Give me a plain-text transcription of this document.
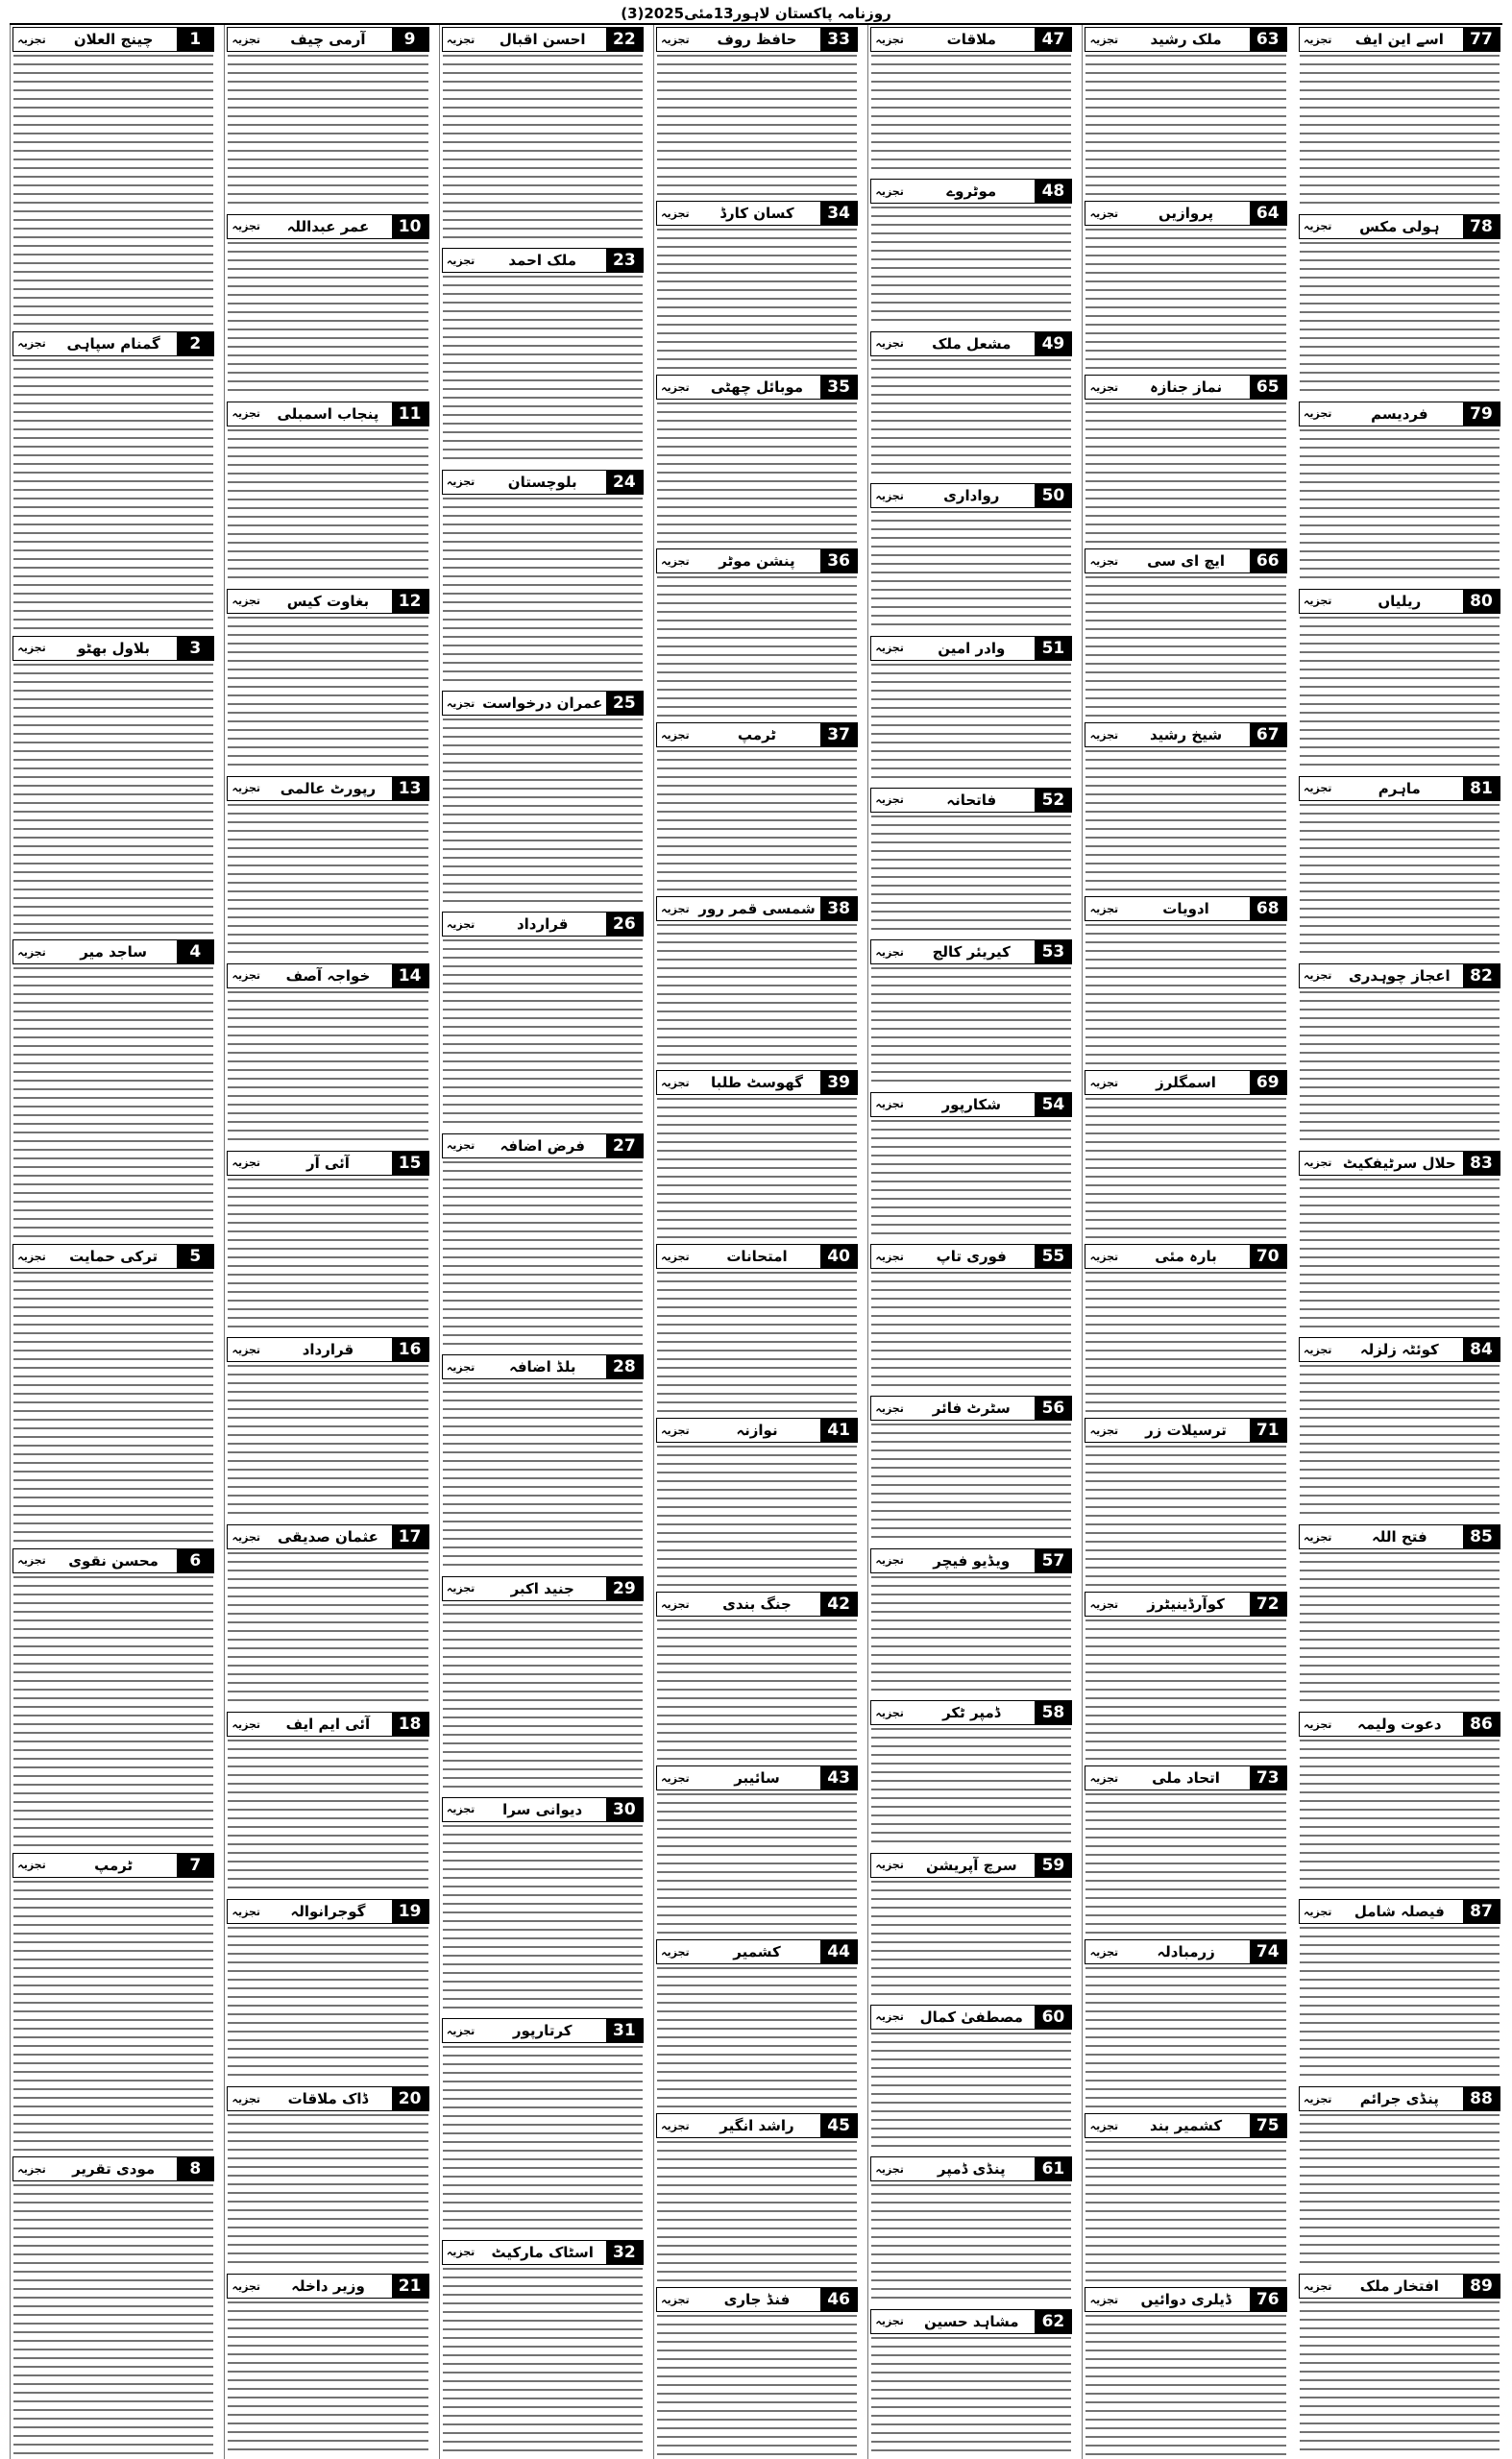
روزنامہ پاکستان لاہور13مئی2025(3)
1
چینج العلان
تجزیہ
2
گمنام سپاہی
تجزیہ
3
بلاول بھٹو
تجزیہ
4
ساجد میر
تجزیہ
5
ترکی حمایت
تجزیہ
6
محسن نقوی
تجزیہ
7
ٹرمپ
تجزیہ
8
مودی تقریر
تجزیہ
9
آرمی چیف
تجزیہ
10
عمر عبداللہ
تجزیہ
11
پنجاب اسمبلی
تجزیہ
12
بغاوت کیس
تجزیہ
13
رپورٹ عالمی
تجزیہ
14
خواجہ آصف
تجزیہ
15
آئی آر
تجزیہ
16
قرارداد
تجزیہ
17
عثمان صدیقی
تجزیہ
18
آئی ایم ایف
تجزیہ
19
گوجرانوالہ
تجزیہ
20
ڈاک ملاقات
تجزیہ
21
وزیر داخلہ
تجزیہ
22
احسن اقبال
تجزیہ
23
ملک احمد
تجزیہ
24
بلوچستان
تجزیہ
25
عمران درخواست
تجزیہ
26
قرارداد
تجزیہ
27
فرض اضافہ
تجزیہ
28
بلڈ اضافہ
تجزیہ
29
جنید اکبر
تجزیہ
30
دیوانی سرا
تجزیہ
31
کرتارپور
تجزیہ
32
اسٹاک مارکیٹ
تجزیہ
33
حافظ روف
تجزیہ
34
کسان کارڈ
تجزیہ
35
موبائل چھٹی
تجزیہ
36
پنشن موٹر
تجزیہ
37
ٹرمپ
تجزیہ
38
شمسی قمر رور
تجزیہ
39
گھوسٹ طلبا
تجزیہ
40
امتحانات
تجزیہ
41
نوازنہ
تجزیہ
42
جنگ بندی
تجزیہ
43
سائیبر
تجزیہ
44
کشمیر
تجزیہ
45
راشد انگیر
تجزیہ
46
فنڈ جاری
تجزیہ
47
ملاقات
تجزیہ
48
موٹروے
تجزیہ
49
مشعل ملک
تجزیہ
50
رواداری
تجزیہ
51
وادر امین
تجزیہ
52
فاتحانہ
تجزیہ
53
کیریئر کالج
تجزیہ
54
شکارپور
تجزیہ
55
فوری تاپ
تجزیہ
56
سٹرٹ فائر
تجزیہ
57
ویڈیو فیچر
تجزیہ
58
ڈمپر ٹکر
تجزیہ
59
سرچ آپریشن
تجزیہ
60
مصطفیٰ کمال
تجزیہ
61
پنڈی ڈمپر
تجزیہ
62
مشاہد حسین
تجزیہ
63
ملک رشید
تجزیہ
64
پروازیں
تجزیہ
65
نماز جنازہ
تجزیہ
66
ایچ ای سی
تجزیہ
67
شیخ رشید
تجزیہ
68
ادویات
تجزیہ
69
اسمگلرز
تجزیہ
70
بارہ مئی
تجزیہ
71
ترسیلات زر
تجزیہ
72
کوآرڈینیٹرز
تجزیہ
73
اتحاد ملی
تجزیہ
74
زرمبادلہ
تجزیہ
75
کشمیر بند
تجزیہ
76
ڈیلری دوائیں
تجزیہ
77
اسے این ایف
تجزیہ
78
ہولی مکس
تجزیہ
79
فردیسم
تجزیہ
80
ریلیاں
تجزیہ
81
ماہرم
تجزیہ
82
اعجاز چوہدری
تجزیہ
83
حلال سرٹیفکیٹ
تجزیہ
84
کوئٹہ زلزلہ
تجزیہ
85
فتح اللہ
تجزیہ
86
دعوت ولیمہ
تجزیہ
87
فیصلہ شامل
تجزیہ
88
پنڈی جرائم
تجزیہ
89
افتخار ملک
تجزیہ
